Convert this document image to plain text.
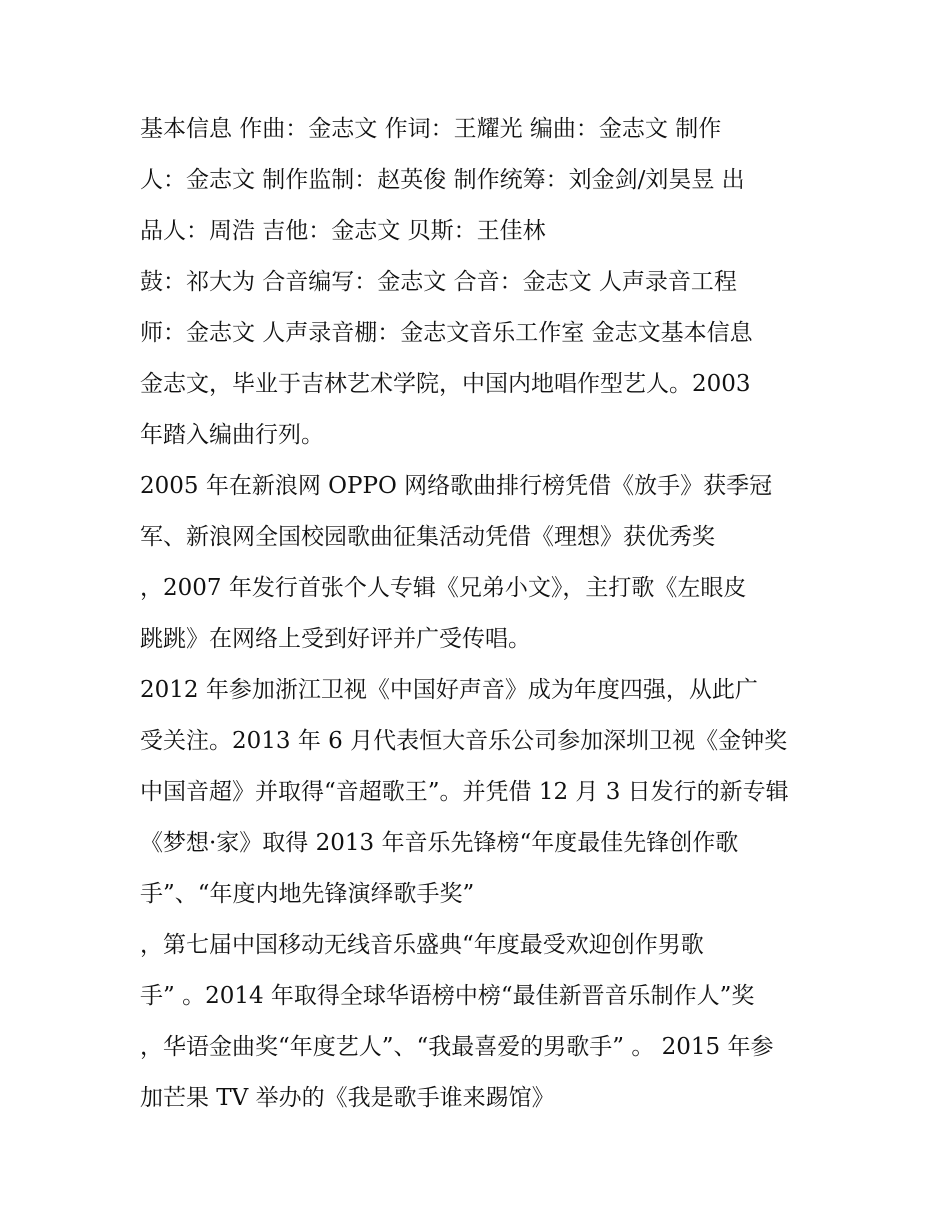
基本信息 作曲：金志文 作词：王耀光 编曲：金志文 制作
人：金志文 制作监制：赵英俊 制作统筹：刘金剑/刘昊昱 出
品人：周浩 吉他：金志文 贝斯：王佳林
鼓：祁大为 合音编写：金志文 合音：金志文 人声录音工程
师：金志文 人声录音棚：金志文音乐工作室 金志文基本信息
金志文，毕业于吉林艺术学院，中国内地唱作型艺人。2003
年踏入编曲行列。
2005 年在新浪网 OPPO 网络歌曲排行榜凭借《放手》获季冠
军、新浪网全国校园歌曲征集活动凭借《理想》获优秀奖
，2007 年发行首张个人专辑《兄弟小文》，主打歌《左眼皮
跳跳》在网络上受到好评并广受传唱。
2012 年参加浙江卫视《中国好声音》成为年度四强，从此广
受关注。2013 年 6 月代表恒大音乐公司参加深圳卫视《金钟奖
中国音超》并取得“音超歌王”。并凭借 12 月 3 日发行的新专辑
《梦想·家》取得 2013 年音乐先锋榜“年度最佳先锋创作歌
手”、“年度内地先锋演绎歌手奖”
，第七届中国移动无线音乐盛典“年度最受欢迎创作男歌
手” 。2014 年取得全球华语榜中榜“最佳新晋音乐制作人”奖
，华语金曲奖“年度艺人”、“我最喜爱的男歌手” 。 2015 年参
加芒果 TV 举办的《我是歌手谁来踢馆》
